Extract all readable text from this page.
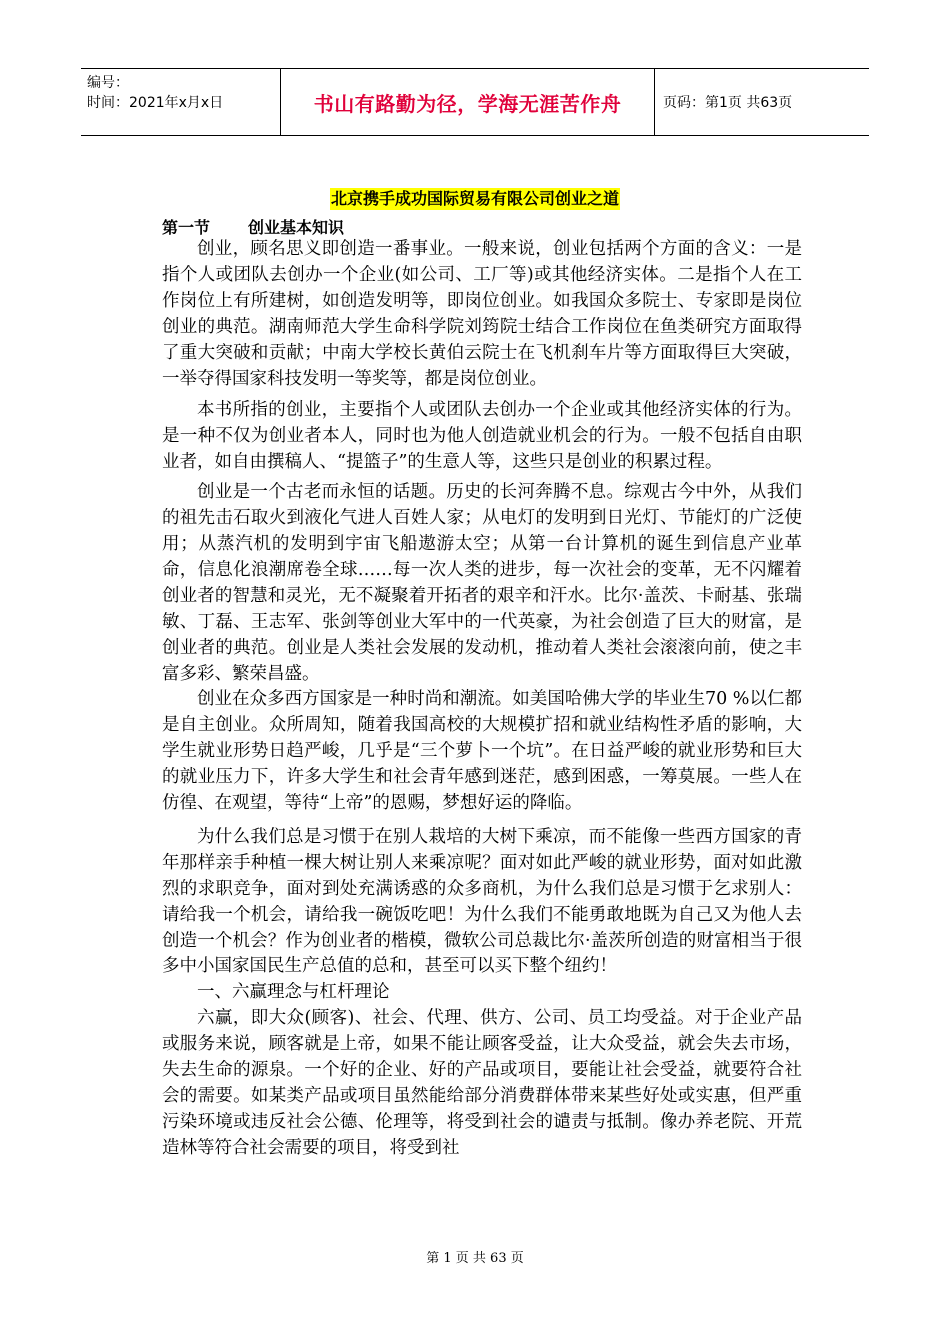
编号：
时间：2021年x月x日	书山有路勤为径，学海无涯苦作舟	页码：第1页 共63页
北京携手成功国际贸易有限公司创业之道
第一节 创业基本知识

创业，顾名思义即创造一番事业。一般来说，创业包括两个方面的含义：一是指个人或团队去创办一个企业(如公司、工厂等)或其他经济实体。二是指个人在工作岗位上有所建树，如创造发明等，即岗位创业。如我国众多院士、专家即是岗位创业的典范。湖南师范大学生命科学院刘筠院士结合工作岗位在鱼类研究方面取得了重大突破和贡献；中南大学校长黄伯云院士在飞机刹车片等方面取得巨大突破，一举夺得国家科技发明一等奖等，都是岗位创业。

本书所指的创业，主要指个人或团队去创办一个企业或其他经济实体的行为。是一种不仅为创业者本人，同时也为他人创造就业机会的行为。一般不包括自由职业者，如自由撰稿人、“提篮子”的生意人等，这些只是创业的积累过程。

创业是一个古老而永恒的话题。历史的长河奔腾不息。综观古今中外，从我们的祖先击石取火到液化气进人百姓人家；从电灯的发明到日光灯、节能灯的广泛使用；从蒸汽机的发明到宇宙飞船遨游太空；从第一台计算机的诞生到信息产业革命，信息化浪潮席卷全球……每一次人类的进步，每一次社会的变革，无不闪耀着创业者的智慧和灵光，无不凝聚着开拓者的艰辛和汗水。比尔·盖茨、卡耐基、张瑞敏、丁磊、王志军、张剑等创业大军中的一代英豪，为社会创造了巨大的财富，是创业者的典范。创业是人类社会发展的发动机，推动着人类社会滚滚向前，使之丰富多彩、繁荣昌盛。

创业在众多西方国家是一种时尚和潮流。如美国哈佛大学的毕业生70 %以仁都是自主创业。众所周知，随着我国高校的大规模扩招和就业结构性矛盾的影响，大学生就业形势日趋严峻，几乎是“三个萝卜一个坑”。在日益严峻的就业形势和巨大的就业压力下，许多大学生和社会青年感到迷茫，感到困惑，一筹莫展。一些人在仿徨、在观望，等待“上帝”的恩赐，梦想好运的降临。

为什么我们总是习惯于在别人栽培的大树下乘凉，而不能像一些西方国家的青年那样亲手种植一棵大树让别人来乘凉呢？面对如此严峻的就业形势，面对如此激烈的求职竞争，面对到处充满诱惑的众多商机，为什么我们总是习惯于乞求别人：请给我一个机会，请给我一碗饭吃吧！为什么我们不能勇敢地既为自己又为他人去创造一个机会？作为创业者的楷模，微软公司总裁比尔·盖茨所创造的财富相当于很多中小国家国民生产总值的总和，甚至可以买下整个纽约！

一、六赢理念与杠杆理论

六赢，即大众(顾客)、社会、代理、供方、公司、员工均受益。对于企业产品或服务来说，顾客就是上帝，如果不能让顾客受益，让大众受益，就会失去市场，失去生命的源泉。一个好的企业、好的产品或项目，要能让社会受益，就要符合社会的需要。如某类产品或项目虽然能给部分消费群体带来某些好处或实惠，但严重污染环境或违反社会公德、伦理等，将受到社会的谴责与抵制。像办养老院、开荒造林等符合社会需要的项目，将受到社

第 1 页 共 63 页
